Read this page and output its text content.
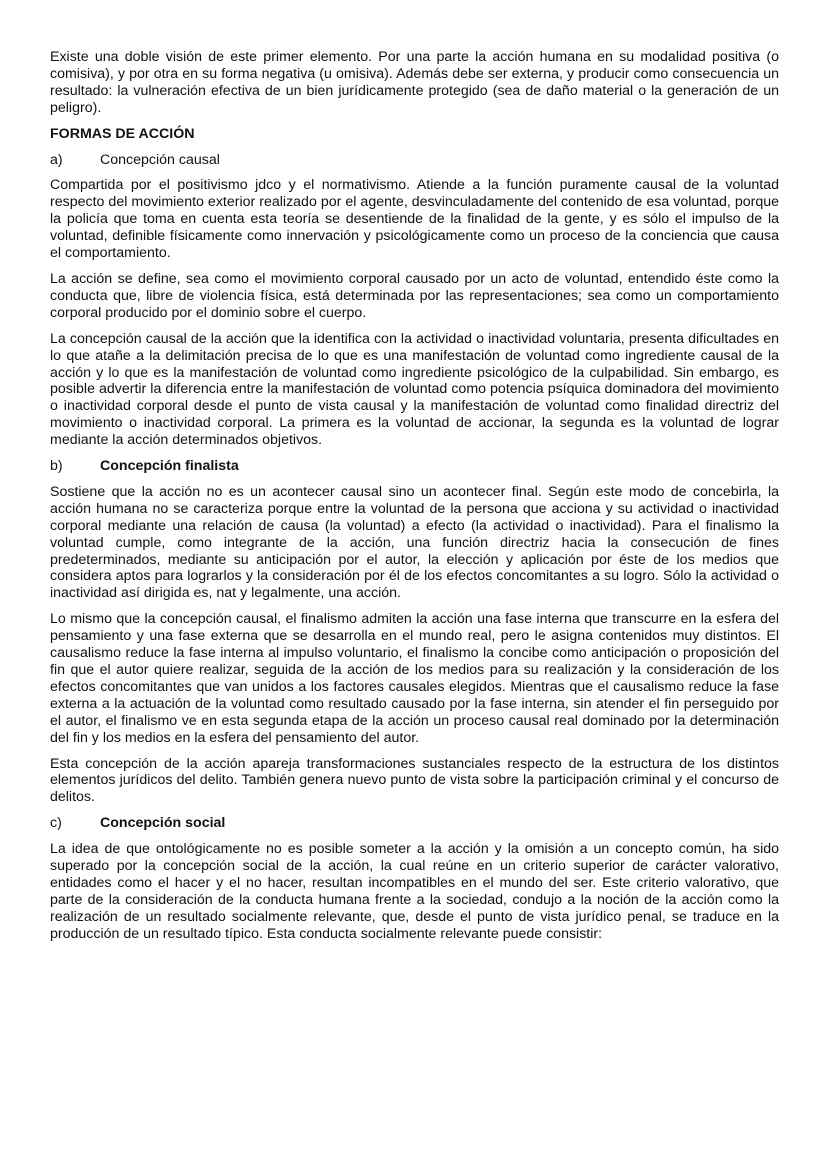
Existe una doble visión de este primer elemento. Por una parte la acción humana en su modalidad positiva (o comisiva), y por otra en su forma negativa (u omisiva). Además debe ser externa, y producir como consecuencia un resultado: la vulneración efectiva de un bien jurídicamente protegido (sea de daño material o la generación de un peligro).

FORMAS DE ACCIÓN

a)	Concepción causal

Compartida por el positivismo jdco y el normativismo. Atiende a la función puramente causal de la voluntad respecto del movimiento exterior realizado por el agente, desvinculadamente del contenido de esa voluntad, porque la policía que toma en cuenta esta teoría se desentiende de la finalidad de la gente, y es sólo el impulso de la voluntad, definible físicamente como innervación y psicológicamente como un proceso de la conciencia que causa el comportamiento.

La acción se define, sea como el movimiento corporal causado por un acto de voluntad, entendido éste como la conducta que, libre de violencia física, está determinada por las representaciones; sea como un comportamiento corporal producido por el dominio sobre el cuerpo.

La concepción causal de la acción que la identifica con la actividad o inactividad voluntaria, presenta dificultades en lo que atañe a la delimitación precisa de lo que es una manifestación de voluntad como ingrediente causal de la acción y lo que es la manifestación de voluntad como ingrediente psicológico de la culpabilidad. Sin embargo, es posible advertir la diferencia entre la manifestación de voluntad como potencia psíquica dominadora del movimiento o inactividad corporal desde el punto de vista causal y la manifestación de voluntad como finalidad directriz del movimiento o inactividad corporal. La primera es la voluntad de accionar, la segunda es la voluntad de lograr mediante la acción determinados objetivos.

b)	Concepción finalista

Sostiene que la acción no es un acontecer causal sino un acontecer final. Según este modo de concebirla, la acción humana no se caracteriza porque entre la voluntad de la persona que acciona y su actividad o inactividad corporal mediante una relación de causa (la voluntad) a efecto (la actividad o inactividad). Para el finalismo la voluntad cumple, como integrante de la acción, una función directriz hacia la consecución de fines predeterminados, mediante su anticipación por el autor, la elección y aplicación por éste de los medios que considera aptos para lograrlos y la consideración por él de los efectos concomitantes a su logro. Sólo la actividad o inactividad así dirigida es, nat y legalmente, una acción.

Lo mismo que la concepción causal, el finalismo admiten la acción una fase interna que transcurre en la esfera del pensamiento y una fase externa que se desarrolla en el mundo real, pero le asigna contenidos muy distintos. El causalismo reduce la fase interna al impulso voluntario, el finalismo la concibe como anticipación o proposición del fin que el autor quiere realizar, seguida de la acción de los medios para su realización y la consideración de los efectos concomitantes que van unidos a los factores causales elegidos. Mientras que el causalismo reduce la fase externa a la actuación de la voluntad como resultado causado por la fase interna, sin atender el fin perseguido por el autor, el finalismo ve en esta segunda etapa de la acción un proceso causal real dominado por la determinación del fin y los medios en la esfera del pensamiento del autor.

Esta concepción de la acción apareja transformaciones sustanciales respecto de la estructura de los distintos elementos jurídicos del delito. También genera nuevo punto de vista sobre la participación criminal y el concurso de delitos.

c)	Concepción social

La idea de que ontológicamente no es posible someter a la acción y la omisión a un concepto común, ha sido superado por la concepción social de la acción, la cual reúne en un criterio superior de carácter valorativo, entidades como el hacer y el no hacer, resultan incompatibles en el mundo del ser. Este criterio valorativo, que parte de la consideración de la conducta humana frente a la sociedad, condujo a la noción de la acción como la realización de un resultado socialmente relevante, que, desde el punto de vista jurídico penal, se traduce en la producción de un resultado típico. Esta conducta socialmente relevante puede consistir:
